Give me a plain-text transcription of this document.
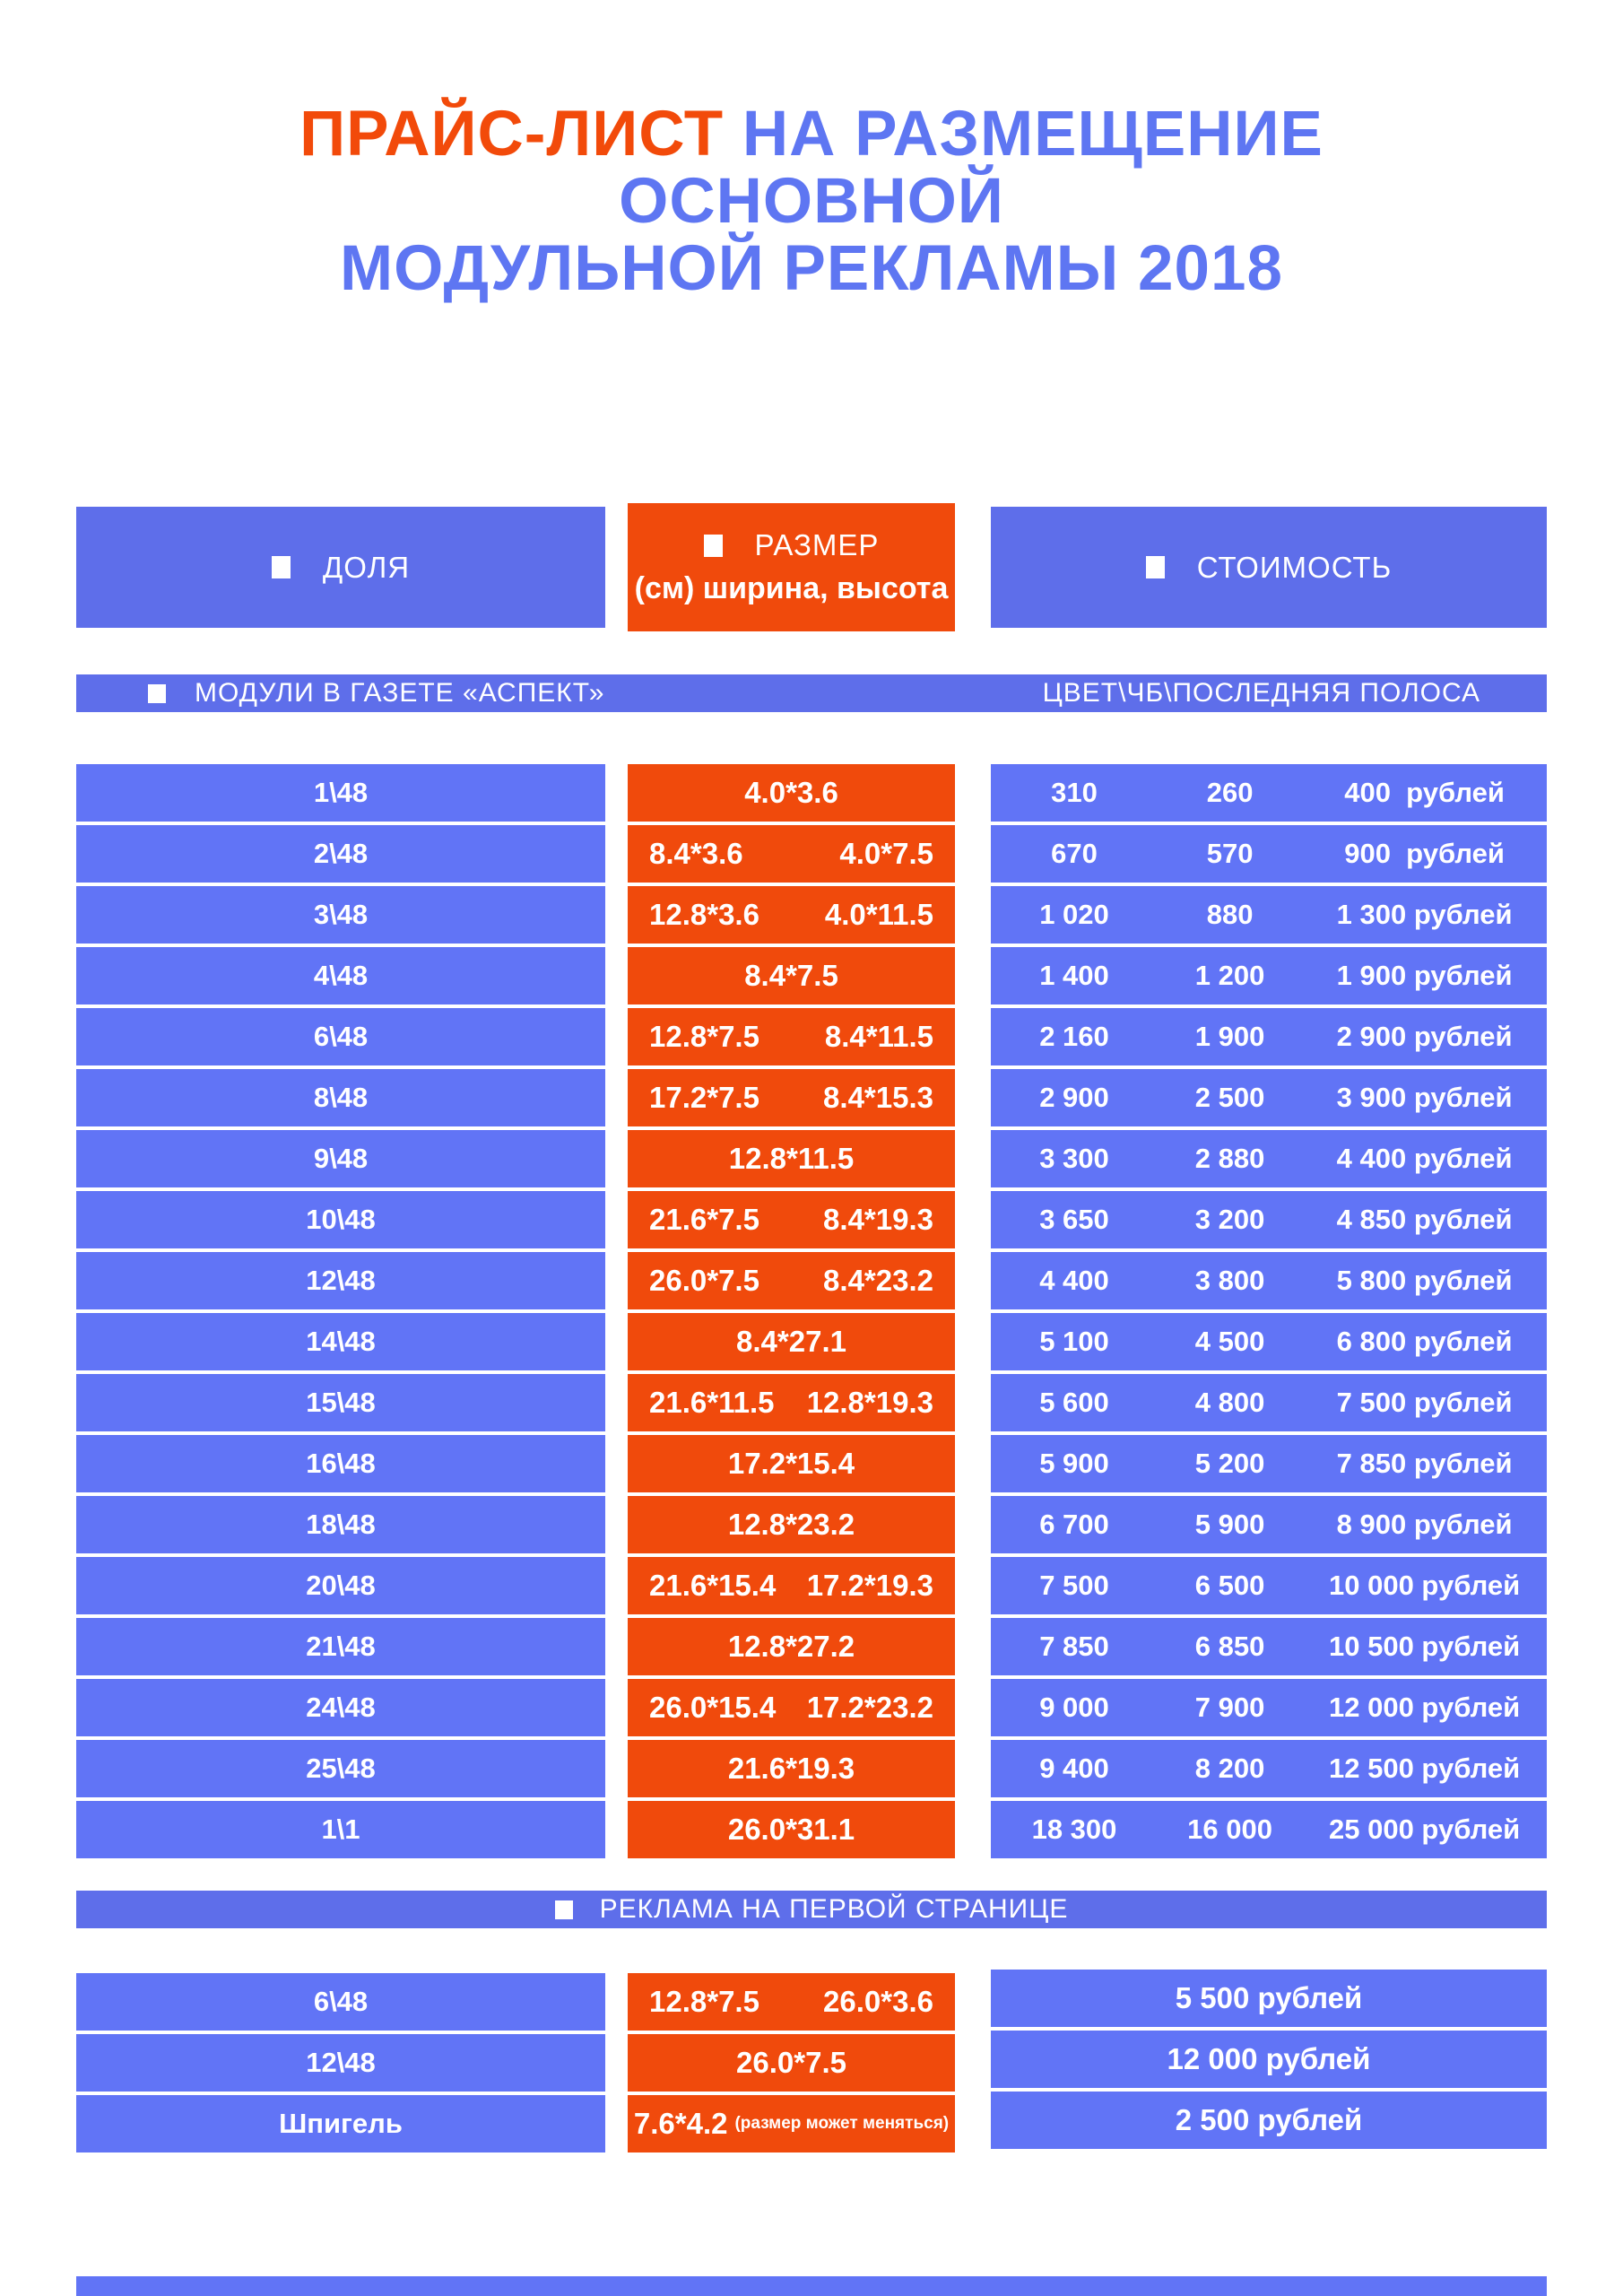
ПРАЙС-ЛИСТ НА РАЗМЕЩЕНИЕ
ОСНОВНОЙ
МОДУЛЬНОЙ РЕКЛАМЫ 2018
ДОЛЯ
РАЗМЕР
(см) ширина, высота
СТОИМОСТЬ
МОДУЛИ В ГАЗЕТЕ «АСПЕКТ»	ЦВЕТ\ЧБ\ПОСЛЕДНЯЯ ПОЛОСА
1\48	4.0*3.6	310	260	400  рублей
2\48	8.4*3.6	4.0*7.5	670	570	900  рублей
3\48	12.8*3.6 4.0*11.5	1 020	880	1 300 рублей
4\48	8.4*7.5	1 400	1 200	1 900 рублей
6\48	12.8*7.5 8.4*11.5	2 160	1 900	2 900 рублей
8\48	17.2*7.5 8.4*15.3	2 900	2 500	3 900 рублей
9\48	12.8*11.5	3 300	2 880	4 400 рублей
10\48	21.6*7.5 8.4*19.3	3 650	3 200	4 850 рублей
12\48	26.0*7.5 8.4*23.2	4 400	3 800	5 800 рублей
14\48	8.4*27.1	5 100	4 500	6 800 рублей
15\48	21.6*11.5 12.8*19.3	5 600	4 800	7 500 рублей
16\48	17.2*15.4	5 900	5 200	7 850 рублей
18\48	12.8*23.2	6 700	5 900	8 900 рублей
20\48	21.6*15.4 17.2*19.3	7 500	6 500	10 000 рублей
21\48	12.8*27.2	7 850	6 850	10 500 рублей
24\48	26.0*15.4 17.2*23.2	9 000	7 900	12 000 рублей
25\48	21.6*19.3	9 400	8 200	12 500 рублей
1\1	26.0*31.1	18 300	16 000	25 000 рублей
РЕКЛАМА НА ПЕРВОЙ СТРАНИЦЕ
6\48	12.8*7.5 26.0*3.6	5 500 рублей
12\48	26.0*7.5	12 000 рублей
Шпигель	7.6*4.2 (размер может меняться)	2 500 рублей
